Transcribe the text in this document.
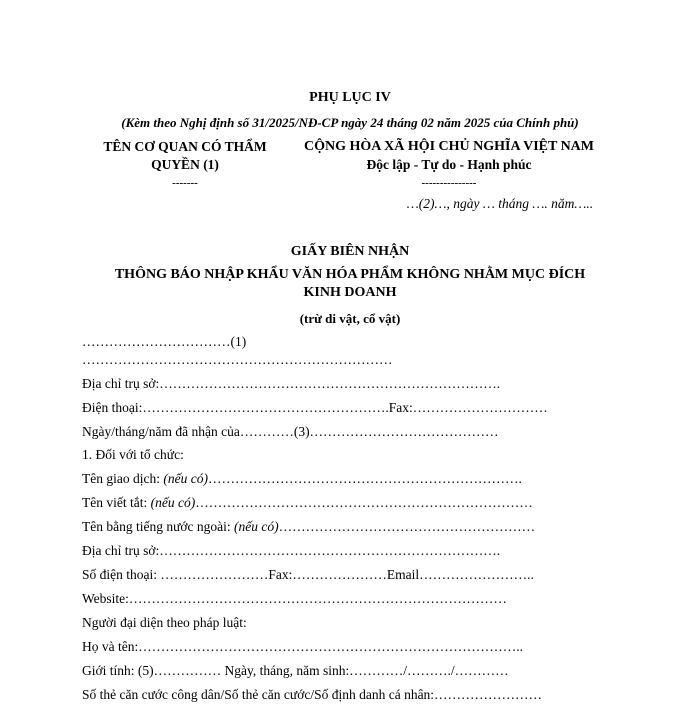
PHỤ LỤC IV
(Kèm theo Nghị định số 31/2025/NĐ-CP ngày 24 tháng 02 năm 2025 của Chính phủ)
TÊN CƠ QUAN CÓ THẨM
QUYỀN (1)
-------
CỘNG HÒA XÃ HỘI CHỦ NGHĨA VIỆT NAM
Độc lập - Tự do - Hạnh phúc
---------------
…(2)…, ngày … tháng …. năm…..
GIẤY BIÊN NHẬN
THÔNG BÁO NHẬP KHẨU VĂN HÓA PHẨM KHÔNG NHẰM MỤC ĐÍCH
KINH DOANH
(trừ di vật, cổ vật)
……………………………(1)
……………………………………………………………
Địa chỉ trụ sở:………………………………………………………………….
Điện thoại:……………………………………………….Fax:…………………………
Ngày/tháng/năm đã nhận của…………(3)……………………………………
1. Đối với tổ chức:
Tên giao dịch: (nếu có)…………………………………………………………….
Tên viết tắt: (nếu có)…………………………………………………………………
Tên bằng tiếng nước ngoài: (nếu có)…………………………………………………
Địa chỉ trụ sở:………………………………………………………………….
Số điện thoại: ……………………Fax:…………………Email……………………..
Website:…………………………………………………………………………
Người đại diện theo pháp luật:
Họ và tên:…………………………………………………………………………..
Giới tính: (5)…………… Ngày, tháng, năm sinh:…………/………./…………
Số thẻ căn cước công dân/Số thẻ căn cước/Số định danh cá nhân:……………………
